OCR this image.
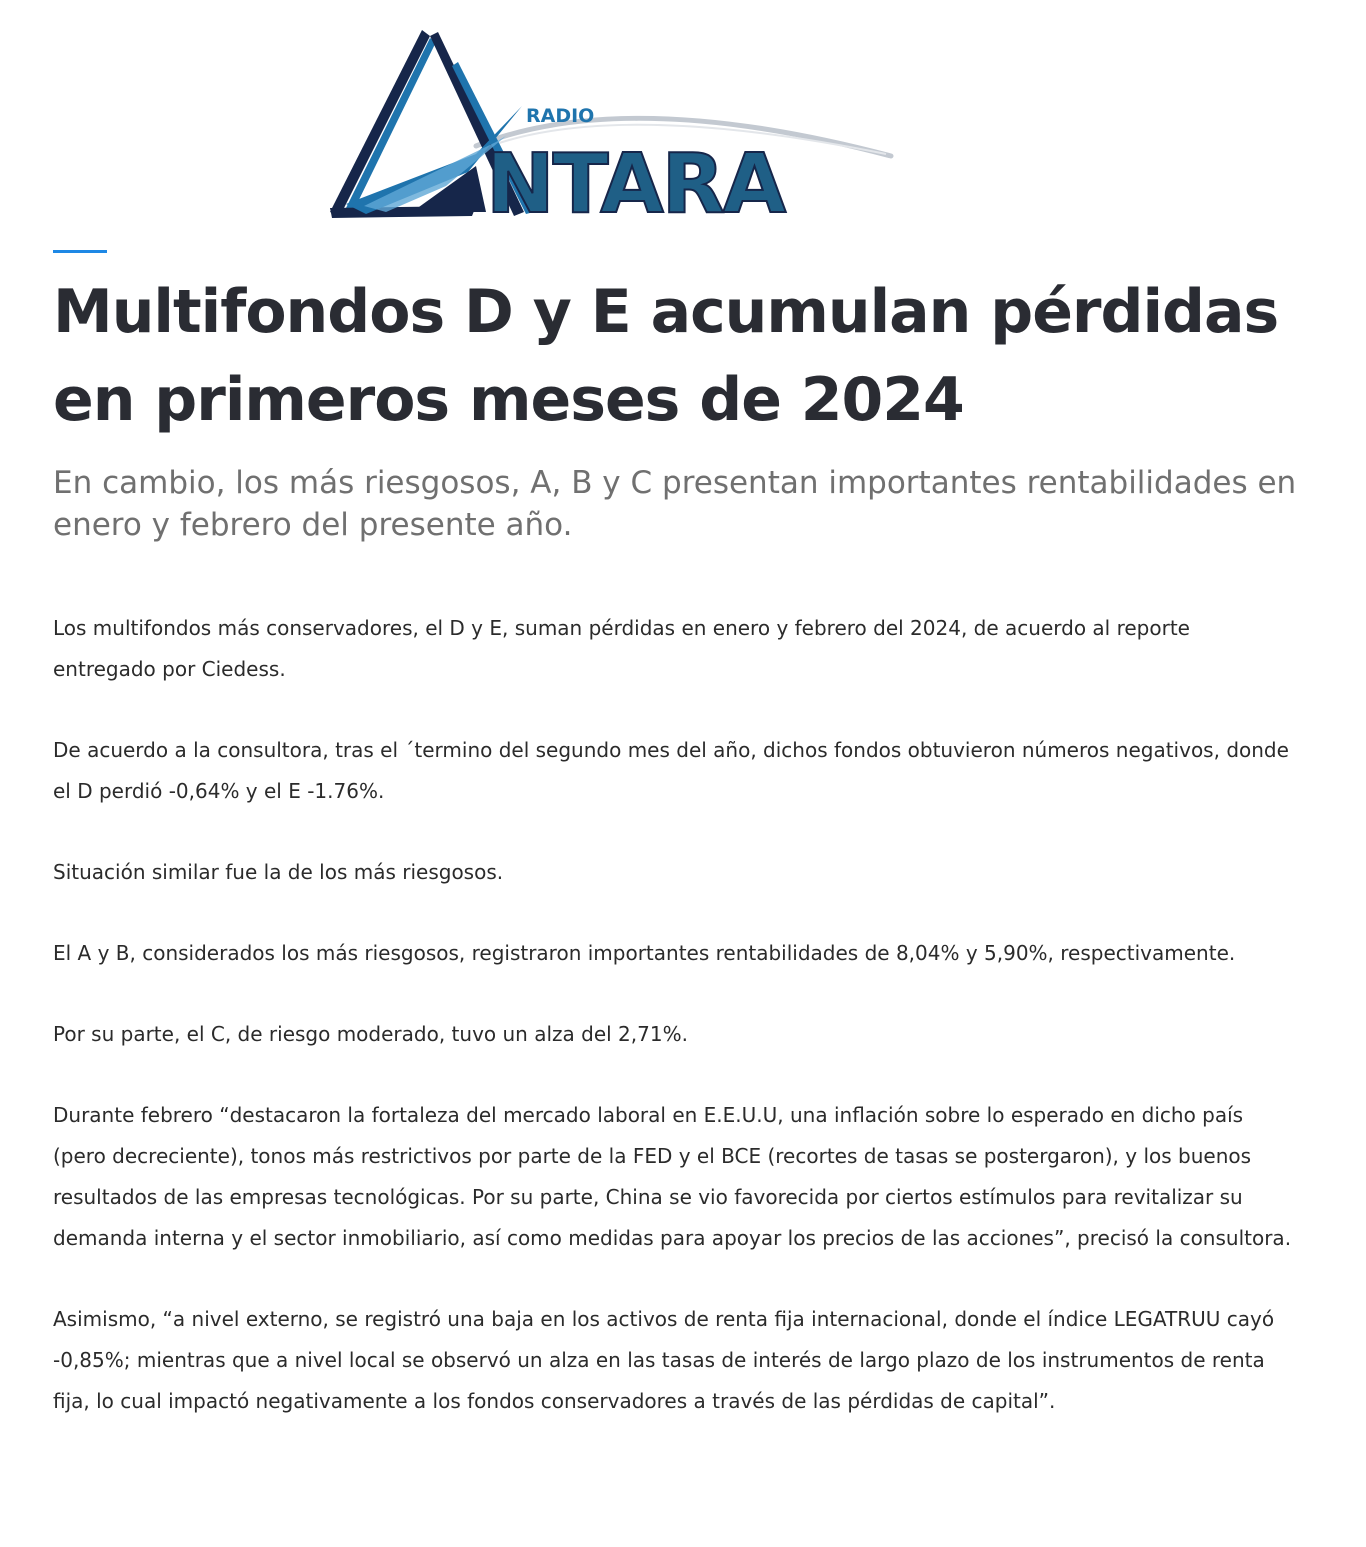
RADIO
NTARA
Multifondos D y E acumulan pérdidas en primeros meses de 2024
En cambio, los más riesgosos, A, B y C presentan importantes rentabilidades en enero y febrero del presente año.

Los multifondos más conservadores, el D y E, suman pérdidas en enero y febrero del 2024, de acuerdo al reporte entregado por Ciedess.

De acuerdo a la consultora, tras el ´termino del segundo mes del año, dichos fondos obtuvieron números negativos, donde el D perdió -0,64% y el E -1.76%.

Situación similar fue la de los más riesgosos.

El A y B, considerados los más riesgosos, registraron importantes rentabilidades de 8,04% y 5,90%, respectivamente.

Por su parte, el C, de riesgo moderado, tuvo un alza del 2,71%.

Durante febrero “destacaron la fortaleza del mercado laboral en E.E.U.U, una inflación sobre lo esperado en dicho país (pero decreciente), tonos más restrictivos por parte de la FED y el BCE (recortes de tasas se postergaron), y los buenos resultados de las empresas tecnológicas. Por su parte, China se vio favorecida por ciertos estímulos para revitalizar su demanda interna y el sector inmobiliario, así como medidas para apoyar los precios de las acciones”, precisó la consultora.

Asimismo, “a nivel externo, se registró una baja en los activos de renta fija internacional, donde el índice LEGATRUU cayó -0,85%; mientras que a nivel local se observó un alza en las tasas de interés de largo plazo de los instrumentos de renta fija, lo cual impactó negativamente a los fondos conservadores a través de las pérdidas de capital”.
